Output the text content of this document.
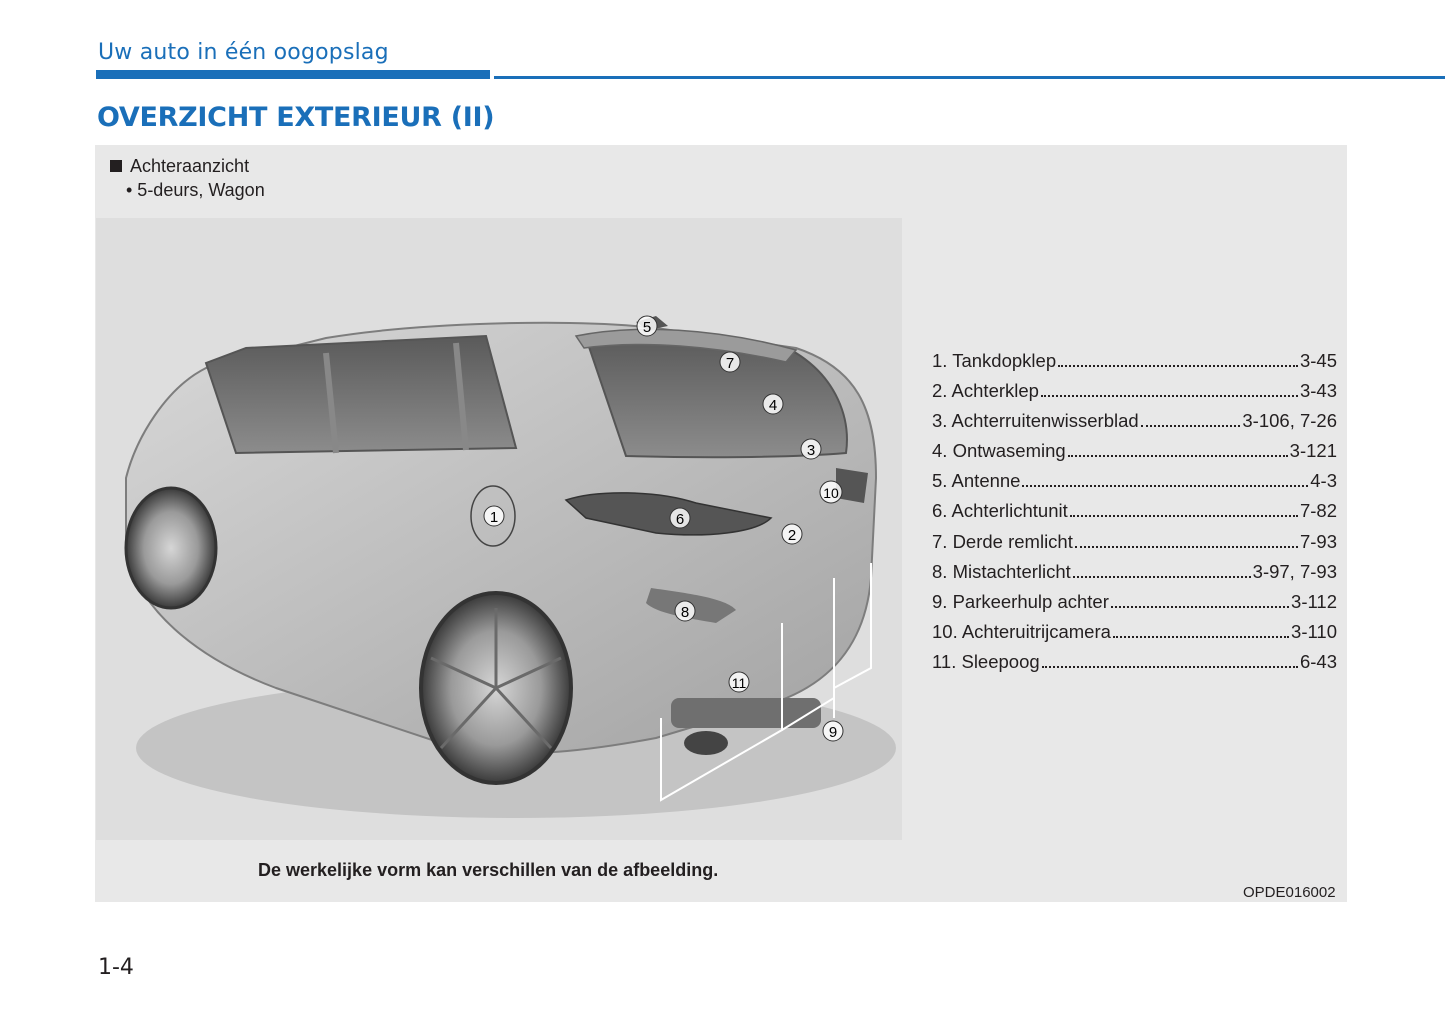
Uw auto in één oogopslag
OVERZICHT EXTERIEUR (II)
Achteraanzicht
• 5-deurs, Wagon
1
2
3
4
5
6
7
8
9
10
11
1. Tankdopklep	3-45
2. Achterklep	3-43
3. Achterruitenwisserblad	3-106, 7-26
4. Ontwaseming	3-121
5. Antenne	4-3
6. Achterlichtunit	7-82
7. Derde remlicht	7-93
8. Mistachterlicht	3-97, 7-93
9. Parkeerhulp achter	3-112
10. Achteruitrijcamera	3-110
11. Sleepoog	6-43
De werkelijke vorm kan verschillen van de afbeelding.
OPDE016002
1-4
